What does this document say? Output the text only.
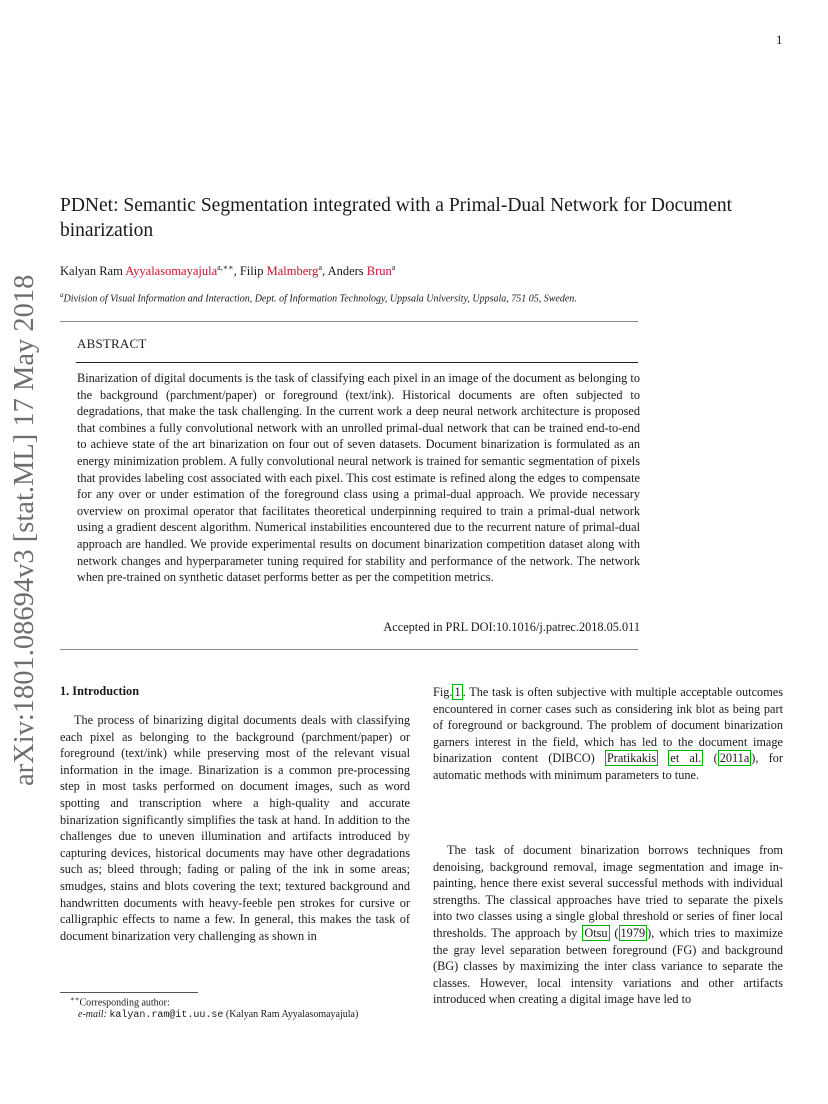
1
arXiv:1801.08694v3 [stat.ML] 17 May 2018
PDNet: Semantic Segmentation integrated with a Primal-Dual Network for Document binarization
Kalyan Ram Ayyalasomayajula$^{a,∗∗}$, Filip Malmberg$^a$, Anders Brun$^a$
$^a$Division of Visual Information and Interaction, Dept. of Information Technology, Uppsala University, Uppsala, 751 05, Sweden.
ABSTRACT
Binarization of digital documents is the task of classifying each pixel in an image of the document as belonging to the background (parchment/paper) or foreground (text/ink). Historical documents are often subjected to degradations, that make the task challenging. In the current work a deep neural network architecture is proposed that combines a fully convolutional network with an unrolled primal-dual network that can be trained end-to-end to achieve state of the art binarization on four out of seven datasets. Document binarization is formulated as an energy minimization problem. A fully convolutional neural network is trained for semantic segmentation of pixels that provides labeling cost associated with each pixel. This cost estimate is refined along the edges to compensate for any over or under estimation of the foreground class using a primal-dual approach. We provide necessary overview on proximal operator that facilitates theoretical underpinning required to train a primal-dual network using a gradient descent algorithm. Numerical instabilities encountered due to the recurrent nature of primal-dual approach are handled. We provide experimental results on document binarization competition dataset along with network changes and hyperparameter tuning required for stability and performance of the network. The network when pre-trained on synthetic dataset performs better as per the competition metrics.
Accepted in PRL DOI:10.1016/j.patrec.2018.05.011
1. Introduction
The process of binarizing digital documents deals with classifying each pixel as belonging to the background (parchment/paper) or foreground (text/ink) while preserving most of the relevant visual information in the image. Binarization is a common pre-processing step in most tasks performed on document images, such as word spotting and transcription where a high-quality and accurate binarization significantly simplifies the task at hand. In addition to the challenges due to uneven illumination and artifacts introduced by capturing devices, historical documents may have other degradations such as; bleed through; fading or paling of the ink in some areas; smudges, stains and blots covering the text; textured background and handwritten documents with heavy-feeble pen strokes for cursive or calligraphic effects to name a few. In general, this makes the task of document binarization very challenging as shown in
Fig. 1 . The task is often subjective with multiple acceptable outcomes encountered in corner cases such as considering ink blot as being part of foreground or background. The problem of document binarization garners interest in the field, which has led to the document image binarization content (DIBCO) Pratikakis et al. ( 2011a ), for automatic methods with minimum parameters to tune.
The task of document binarization borrows techniques from denoising, background removal, image segmentation and image in-painting, hence there exist several successful methods with individual strengths. The classical approaches have tried to separate the pixels into two classes using a single global threshold or series of finer local thresholds. The approach by Otsu ( 1979 ), which tries to maximize the gray level separation between foreground (FG) and background (BG) classes by maximizing the inter class variance to separate the classes. However, local intensity variations and other artifacts introduced when creating a digital image have led to
∗∗Corresponding author:
e-mail: kalyan.ram@it.uu.se (Kalyan Ram Ayyalasomayajula)
